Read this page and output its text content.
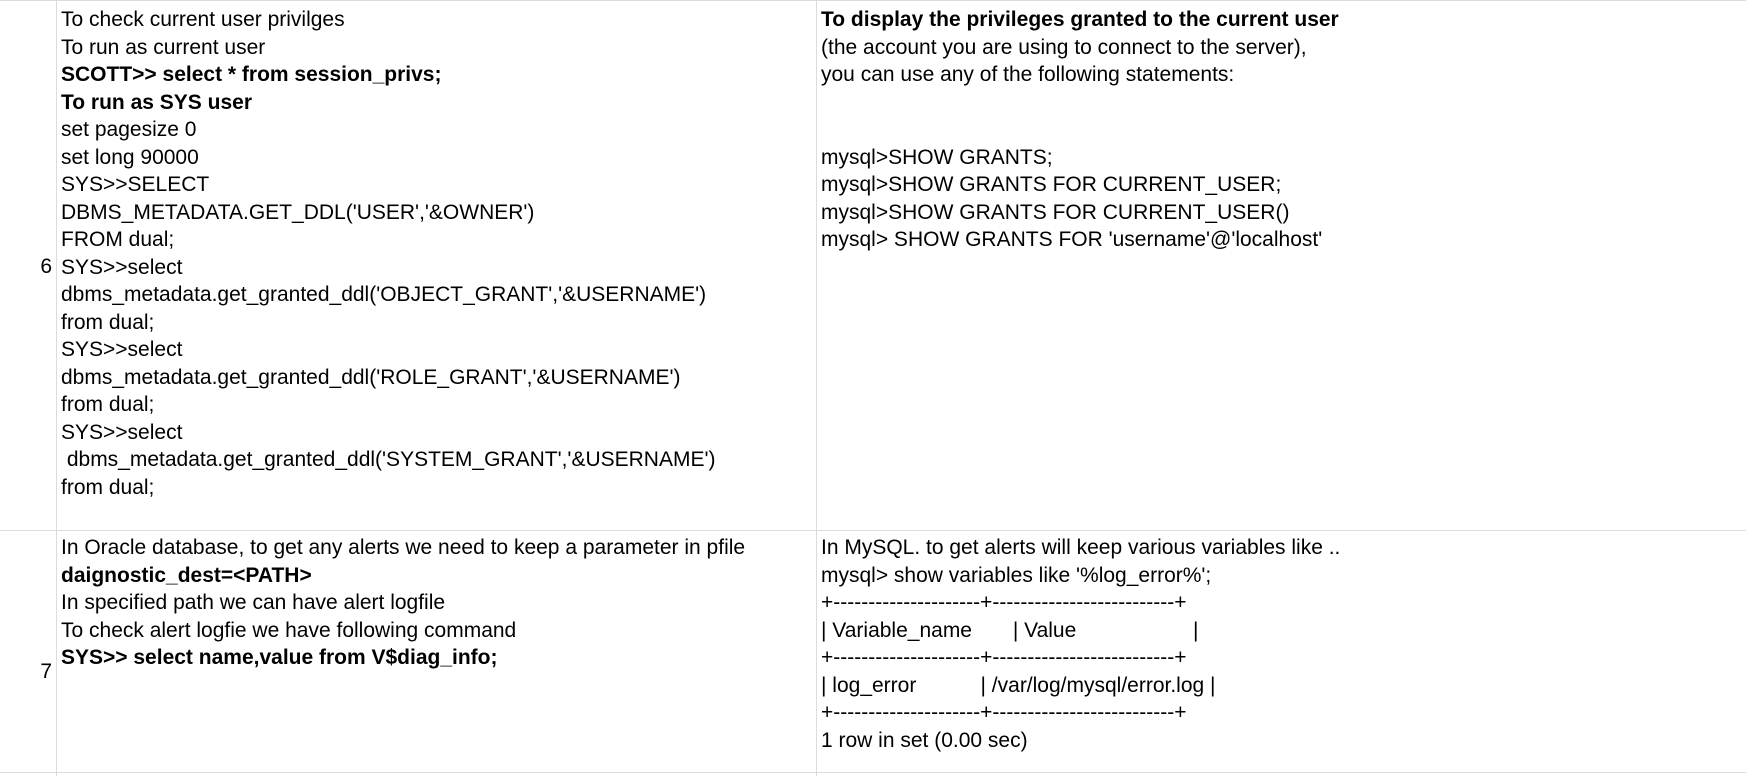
6
To check current user privilges
To run as current user
SCOTT>> select * from session_privs;
To run as SYS user
set pagesize 0
set long 90000
SYS>>SELECT
DBMS_METADATA.GET_DDL('USER','&OWNER')
FROM dual;
SYS>>select
dbms_metadata.get_granted_ddl('OBJECT_GRANT','&USERNAME')
from dual;
SYS>>select
dbms_metadata.get_granted_ddl('ROLE_GRANT','&USERNAME')
from dual;
SYS>>select
dbms_metadata.get_granted_ddl('SYSTEM_GRANT','&USERNAME')
from dual;
To display the privileges granted to the current user
(the account you are using to connect to the server),
you can use any of the following statements:
mysql>SHOW GRANTS;
mysql>SHOW GRANTS FOR CURRENT_USER;
mysql>SHOW GRANTS FOR CURRENT_USER()
mysql> SHOW GRANTS FOR 'username'@'localhost'
7
In Oracle database, to get any alerts we need to keep a parameter in pfile
daignostic_dest=<PATH>
In specified path we can have alert logfile
To check alert logfie we have following command
SYS>> select name,value from V$diag_info;
In MySQL. to get alerts will keep various variables like ..
mysql> show variables like '%log_error%';
+---------------------+--------------------------+
| Variable_name       | Value                    |
+---------------------+--------------------------+
| log_error           | /var/log/mysql/error.log |
+---------------------+--------------------------+
1 row in set (0.00 sec)
